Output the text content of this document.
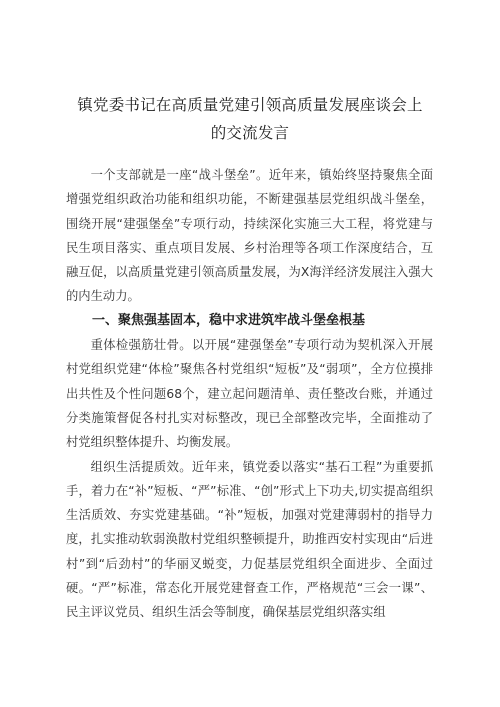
镇党委书记在高质量党建引领高质量发展座谈会上的交流发言

一个支部就是一座“战斗堡垒”。近年来，镇始终坚持聚焦全面增强党组织政治功能和组织功能，不断建强基层党组织战斗堡垒，围绕开展“建强堡垒”专项行动，持续深化实施三大工程，将党建与民生项目落实、重点项目发展、乡村治理等各项工作深度结合，互融互促，以高质量党建引领高质量发展，为X海洋经济发展注入强大的内生动力。

一、聚焦强基固本，稳中求进筑牢战斗堡垒根基

重体检强筋壮骨。以开展“建强堡垒”专项行动为契机深入开展村党组织党建“体检”聚焦各村党组织“短板”及“弱项”，全方位摸排出共性及个性问题68个，建立起问题清单、责任整改台账，并通过分类施策督促各村扎实对标整改，现已全部整改完毕，全面推动了村党组织整体提升、均衡发展。

组织生活提质效。近年来，镇党委以落实“基石工程”为重要抓手，着力在“补”短板、“严”标准、“创”形式上下功夫,切实提高组织生活质效、夯实党建基础。“补”短板，加强对党建薄弱村的指导力度，扎实推动软弱涣散村党组织整顿提升，助推西安村实现由“后进村”到“后劲村”的华丽叉蜕变，力促基层党组织全面进步、全面过硬。“严”标准，常态化开展党建督查工作，严格规范“三会一课”、民主评议党员、组织生活会等制度，确保基层党组织落实组
